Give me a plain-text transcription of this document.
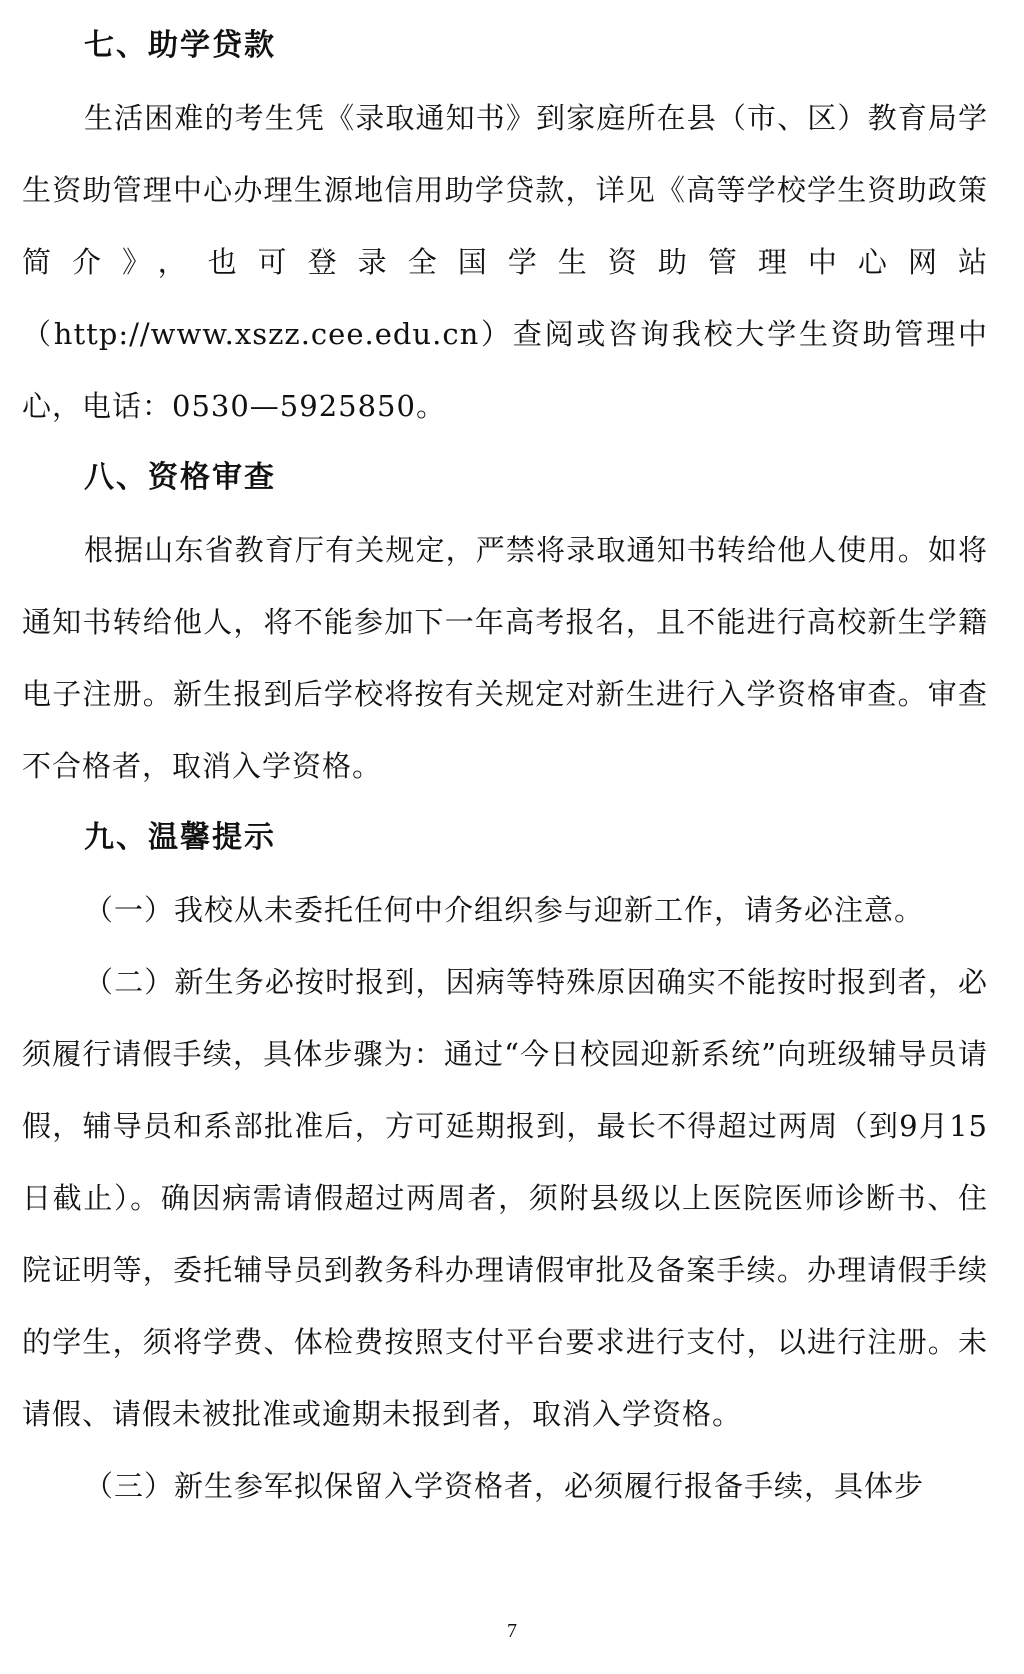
七、助学贷款

生活困难的考生凭《录取通知书》到家庭所在县（市、区）教育局学生资助管理中心办理生源地信用助学贷款，详见《高等学校学生资助政策简介》，也可登录全国学生资助管理中心网站（http://www.xszz.cee.edu.cn）查阅或咨询我校大学生资助管理中心，电话：0530—5925850。

八、资格审查

根据山东省教育厅有关规定，严禁将录取通知书转给他人使用。如将通知书转给他人，将不能参加下一年高考报名，且不能进行高校新生学籍电子注册。新生报到后学校将按有关规定对新生进行入学资格审查。审查不合格者，取消入学资格。

九、温馨提示

（一）我校从未委托任何中介组织参与迎新工作，请务必注意。

（二）新生务必按时报到，因病等特殊原因确实不能按时报到者，必须履行请假手续，具体步骤为：通过“今日校园迎新系统”向班级辅导员请假，辅导员和系部批准后，方可延期报到，最长不得超过两周（到9月15日截止）。确因病需请假超过两周者，须附县级以上医院医师诊断书、住院证明等，委托辅导员到教务科办理请假审批及备案手续。办理请假手续的学生，须将学费、体检费按照支付平台要求进行支付，以进行注册。未请假、请假未被批准或逾期未报到者，取消入学资格。

（三）新生参军拟保留入学资格者，必须履行报备手续，具体步

7
